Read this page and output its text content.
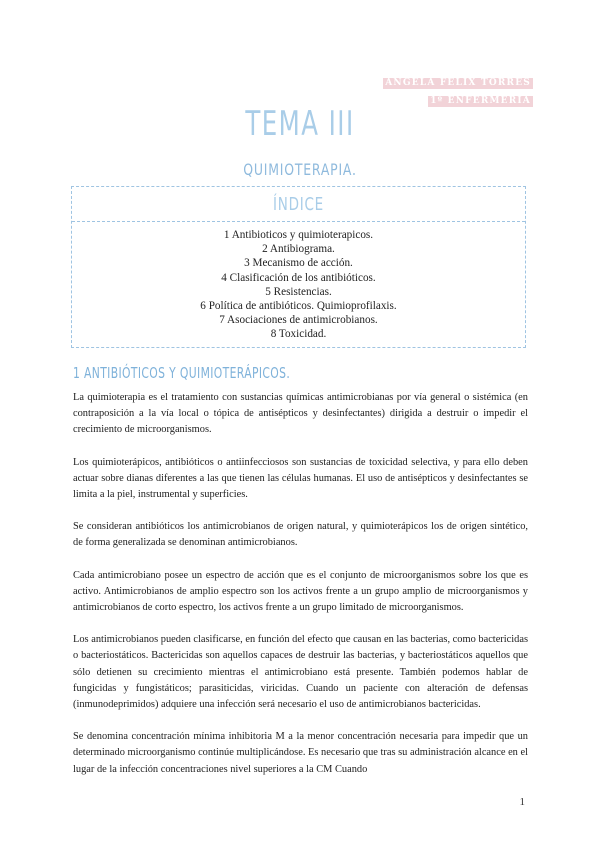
ANGELA FÉLIX TORRES
1º ENFERMERÍA
TEMA III
QUIMIOTERAPIA.
ÍNDICE
1 Antibioticos y quimioterapicos.
2 Antibiograma.
3 Mecanismo de acción.
4 Clasificación de los antibióticos.
5 Resistencias.
6 Política de antibióticos. Quimioprofilaxis.
7 Asociaciones de antimicrobianos.
8 Toxicidad.
1 ANTIBIÓTICOS Y QUIMIOTERÁPICOS.

La quimioterapia es el tratamiento con sustancias químicas antimicrobianas por vía general o sistémica (en contraposición a la vía local o tópica de antisépticos y desinfectantes) dirigida a destruir o impedir el crecimiento de microorganismos.

Los quimioterápicos, antibióticos o antiinfecciosos son sustancias de toxicidad selectiva, y para ello deben actuar sobre dianas diferentes a las que tienen las células humanas. El uso de antisépticos y desinfectantes se limita a la piel, instrumental y superficies.

Se consideran antibióticos los antimicrobianos de origen natural, y quimioterápicos los de origen sintético, de forma generalizada se denominan antimicrobianos.

Cada antimicrobiano posee un espectro de acción que es el conjunto de microorganismos sobre los que es activo. Antimicrobianos de amplio espectro son los activos frente a un grupo amplio de microorganismos y antimicrobianos de corto espectro, los activos frente a un grupo limitado de microorganismos.

Los antimicrobianos pueden clasificarse, en función del efecto que causan en las bacterias, como bactericidas o bacteriostáticos. Bactericidas son aquellos capaces de destruir las bacterias, y bacteriostáticos aquellos que sólo detienen su crecimiento mientras el antimicrobiano está presente. También podemos hablar de fungicidas y fungistáticos; parasiticidas, viricidas. Cuando un paciente con alteración de defensas (inmunodeprimidos) adquiere una infección será necesario el uso de antimicrobianos bactericidas.

Se denomina concentración mínima inhibitoria M a la menor concentración necesaria para impedir que un determinado microorganismo continúe multiplicándose. Es necesario que tras su administración alcance en el lugar de la infección concentraciones nivel superiores a la CM Cuando

1
